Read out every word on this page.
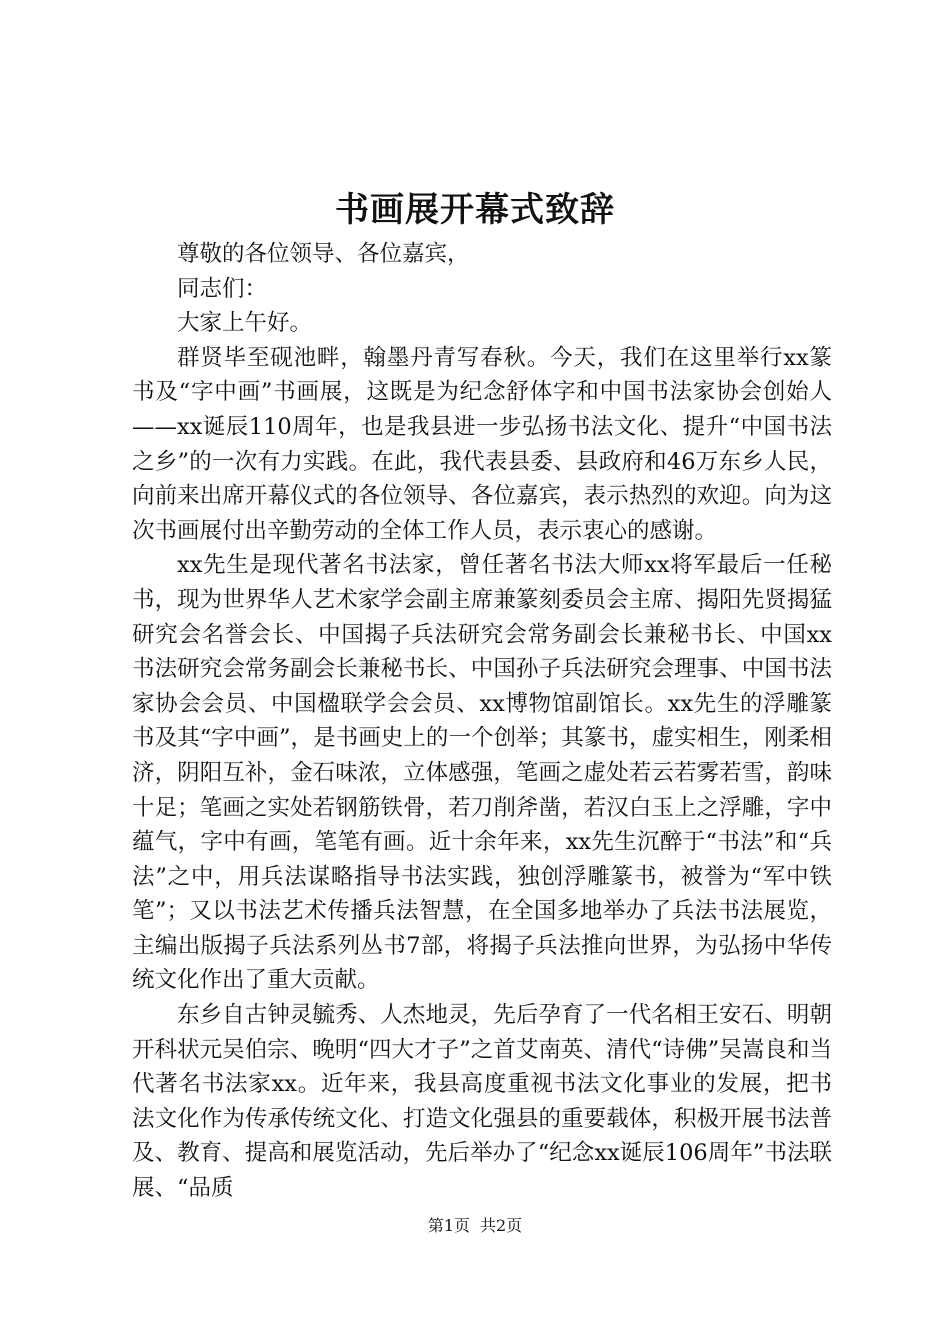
书画展开幕式致辞

尊敬的各位领导、各位嘉宾，

同志们：

大家上午好。

群贤毕至砚池畔，翰墨丹青写春秋。今天，我们在这里举行xx篆书及“字中画”书画展，这既是为纪念舒体字和中国书法家协会创始人——xx诞辰110周年，也是我县进一步弘扬书法文化、提升“中国书法之乡”的一次有力实践。在此，我代表县委、县政府和46万东乡人民，向前来出席开幕仪式的各位领导、各位嘉宾，表示热烈的欢迎。向为这次书画展付出辛勤劳动的全体工作人员，表示衷心的感谢。

xx先生是现代著名书法家，曾任著名书法大师xx将军最后一任秘书，现为世界华人艺术家学会副主席兼篆刻委员会主席、揭阳先贤揭猛研究会名誉会长、中国揭子兵法研究会常务副会长兼秘书长、中国xx书法研究会常务副会长兼秘书长、中国孙子兵法研究会理事、中国书法家协会会员、中国楹联学会会员、xx博物馆副馆长。xx先生的浮雕篆书及其“字中画”，是书画史上的一个创举；其篆书，虚实相生，刚柔相济，阴阳互补，金石味浓，立体感强，笔画之虚处若云若雾若雪，韵味十足；笔画之实处若钢筋铁骨，若刀削斧凿，若汉白玉上之浮雕，字中蕴气，字中有画，笔笔有画。近十余年来，xx先生沉醉于“书法”和“兵法”之中，用兵法谋略指导书法实践，独创浮雕篆书，被誉为“军中铁笔”；又以书法艺术传播兵法智慧，在全国多地举办了兵法书法展览，主编出版揭子兵法系列丛书7部，将揭子兵法推向世界，为弘扬中华传统文化作出了重大贡献。

东乡自古钟灵毓秀、人杰地灵，先后孕育了一代名相王安石、明朝开科状元吴伯宗、晚明“四大才子”之首艾南英、清代“诗佛”吴嵩良和当代著名书法家xx。近年来，我县高度重视书法文化事业的发展，把书法文化作为传承传统文化、打造文化强县的重要载体，积极开展书法普及、教育、提高和展览活动，先后举办了“纪念xx诞辰106周年”书法联展、“品质

第1页 共2页
